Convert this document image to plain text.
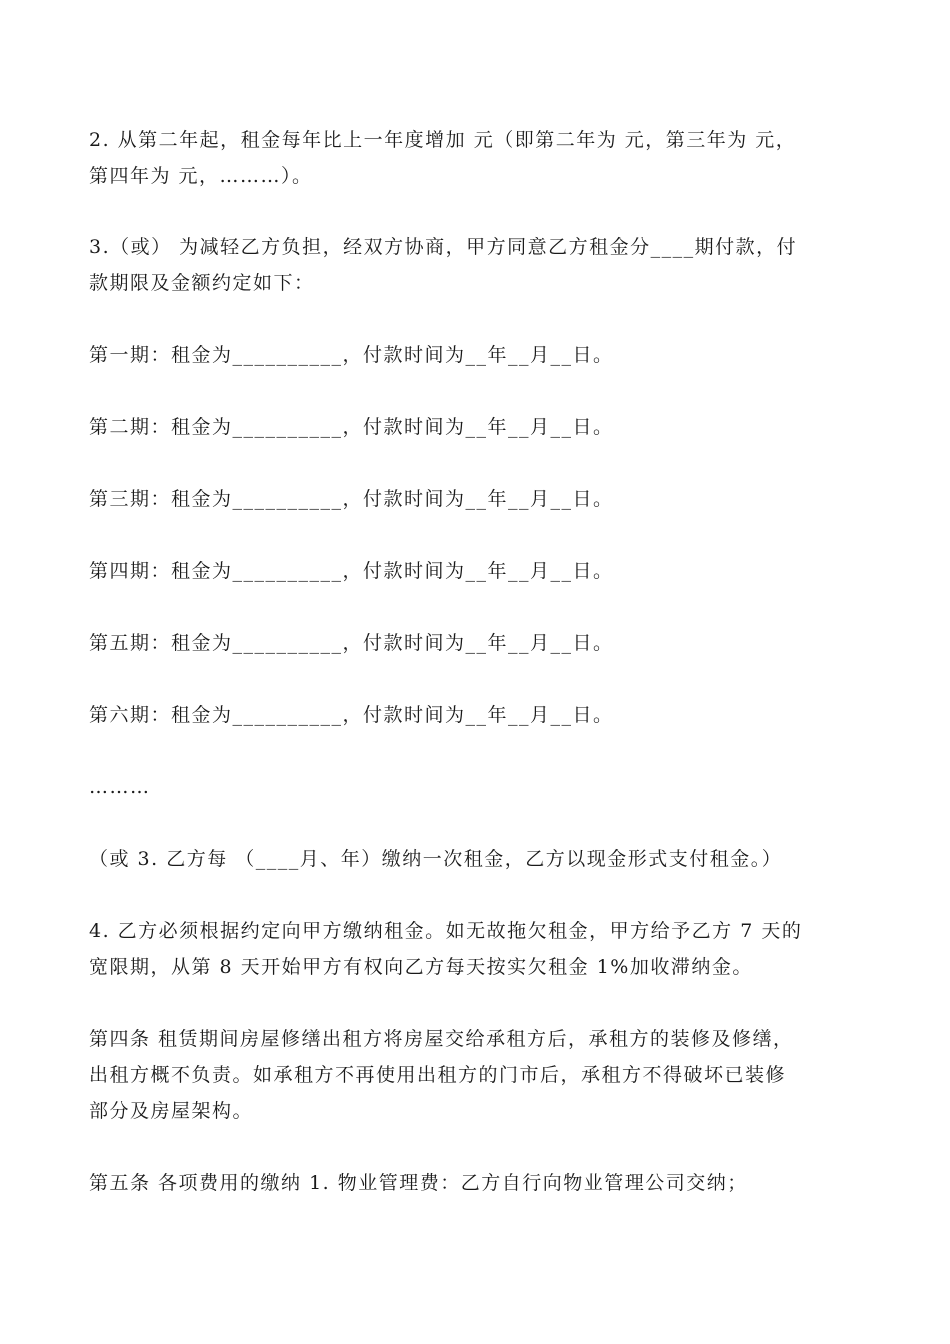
2. 从第二年起，租金每年比上一年度增加 元（即第二年为 元，第三年为 元，
第四年为 元，………）。

3.（或） 为减轻乙方负担，经双方协商，甲方同意乙方租金分____期付款，付
款期限及金额约定如下：

第一期：租金为__________，付款时间为__年__月__日。

第二期：租金为__________，付款时间为__年__月__日。

第三期：租金为__________，付款时间为__年__月__日。

第四期：租金为__________，付款时间为__年__月__日。

第五期：租金为__________，付款时间为__年__月__日。

第六期：租金为__________，付款时间为__年__月__日。

………

（或 3. 乙方每 （____月、年）缴纳一次租金，乙方以现金形式支付租金。）

4. 乙方必须根据约定向甲方缴纳租金。如无故拖欠租金，甲方给予乙方 7 天的
宽限期，从第 8 天开始甲方有权向乙方每天按实欠租金 1%加收滞纳金。

第四条 租赁期间房屋修缮出租方将房屋交给承租方后，承租方的装修及修缮，
出租方概不负责。如承租方不再使用出租方的门市后，承租方不得破坏已装修
部分及房屋架构。

第五条 各项费用的缴纳 1. 物业管理费：乙方自行向物业管理公司交纳；
